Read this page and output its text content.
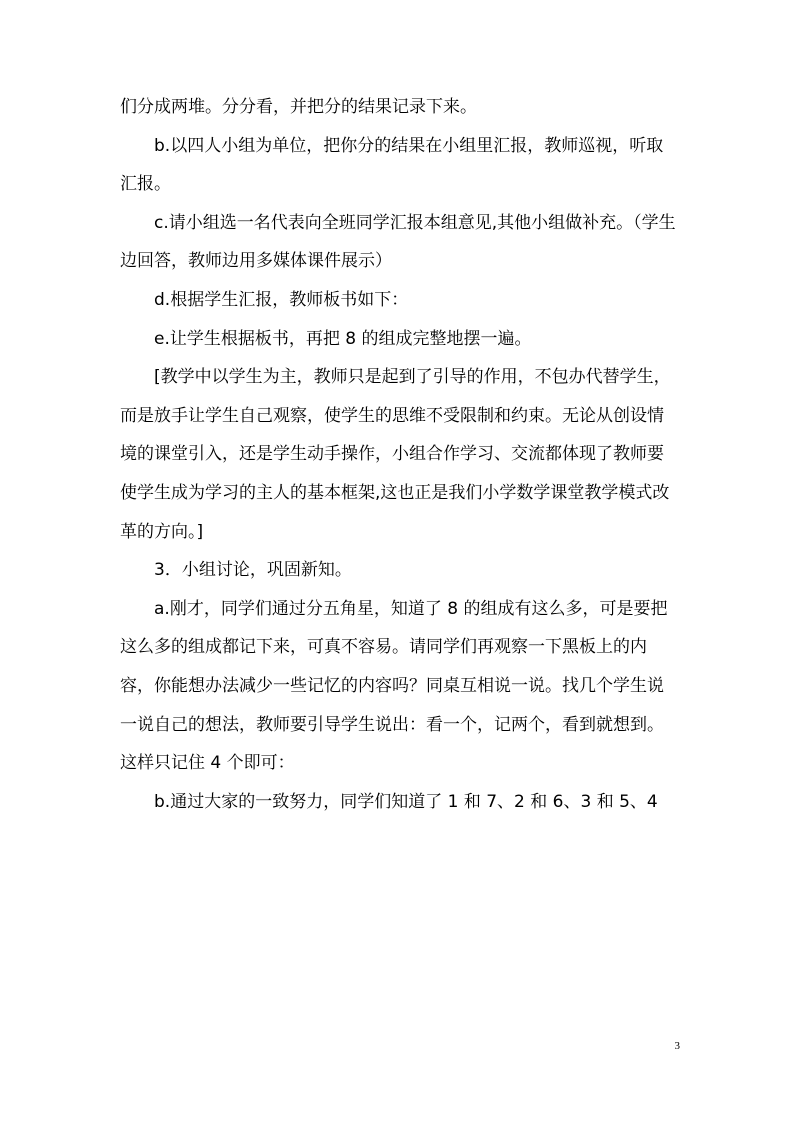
们分成两堆。分分看，并把分的结果记录下来。

　　b.以四人小组为单位，把你分的结果在小组里汇报，教师巡视，听取汇报。

　　c.请小组选一名代表向全班同学汇报本组意见,其他小组做补充。（学生边回答，教师边用多媒体课件展示）

　　d.根据学生汇报，教师板书如下：

　　e.让学生根据板书，再把 8 的组成完整地摆一遍。

　　[教学中以学生为主，教师只是起到了引导的作用，不包办代替学生，而是放手让学生自己观察，使学生的思维不受限制和约束。无论从创设情境的课堂引入，还是学生动手操作，小组合作学习、交流都体现了教师要使学生成为学习的主人的基本框架,这也正是我们小学数学课堂教学模式改革的方向。]

　　3．小组讨论，巩固新知。

　　a.刚才，同学们通过分五角星，知道了 8 的组成有这么多，可是要把这么多的组成都记下来，可真不容易。请同学们再观察一下黑板上的内容，你能想办法减少一些记忆的内容吗？同桌互相说一说。找几个学生说一说自己的想法，教师要引导学生说出：看一个，记两个，看到就想到。这样只记住 4 个即可：

　　b.通过大家的一致努力，同学们知道了 1 和 7、2 和 6、3 和 5、4

3
